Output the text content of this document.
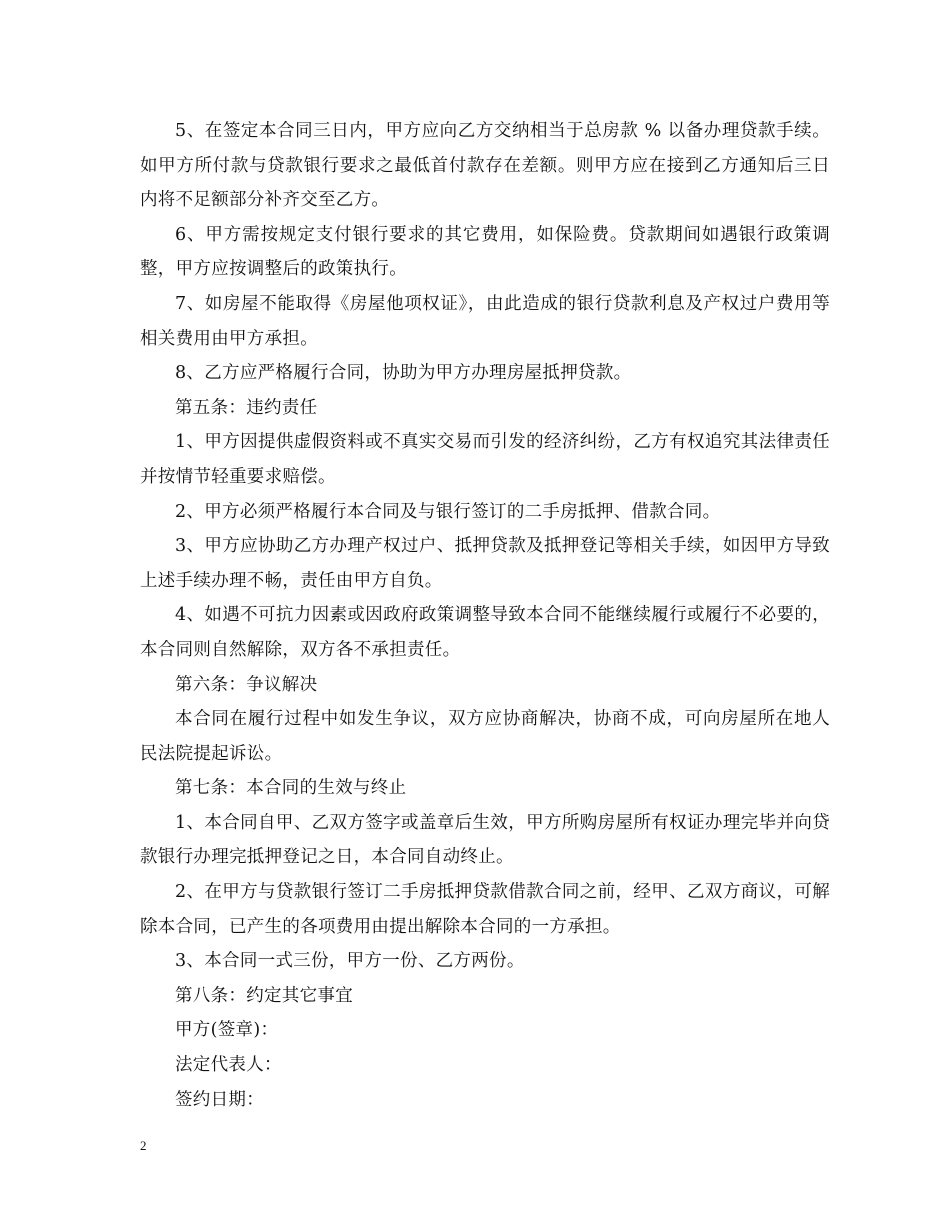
5、在签定本合同三日内，甲方应向乙方交纳相当于总房款 % 以备办理贷款手续。如甲方所付款与贷款银行要求之最低首付款存在差额。则甲方应在接到乙方通知后三日内将不足额部分补齐交至乙方。

6、甲方需按规定支付银行要求的其它费用，如保险费。贷款期间如遇银行政策调整，甲方应按调整后的政策执行。

7、如房屋不能取得《房屋他项权证》，由此造成的银行贷款利息及产权过户费用等相关费用由甲方承担。

8、乙方应严格履行合同，协助为甲方办理房屋抵押贷款。

第五条：违约责任

1、甲方因提供虚假资料或不真实交易而引发的经济纠纷，乙方有权追究其法律责任并按情节轻重要求赔偿。

2、甲方必须严格履行本合同及与银行签订的二手房抵押、借款合同。

3、甲方应协助乙方办理产权过户、抵押贷款及抵押登记等相关手续，如因甲方导致上述手续办理不畅，责任由甲方自负。

4、如遇不可抗力因素或因政府政策调整导致本合同不能继续履行或履行不必要的，本合同则自然解除，双方各不承担责任。

第六条：争议解决

本合同在履行过程中如发生争议，双方应协商解决，协商不成，可向房屋所在地人民法院提起诉讼。

第七条：本合同的生效与终止

1、本合同自甲、乙双方签字或盖章后生效，甲方所购房屋所有权证办理完毕并向贷款银行办理完抵押登记之日，本合同自动终止。

2、在甲方与贷款银行签订二手房抵押贷款借款合同之前，经甲、乙双方商议，可解除本合同，已产生的各项费用由提出解除本合同的一方承担。

3、本合同一式三份，甲方一份、乙方两份。

第八条：约定其它事宜

甲方(签章)：

法定代表人：

签约日期：

2
